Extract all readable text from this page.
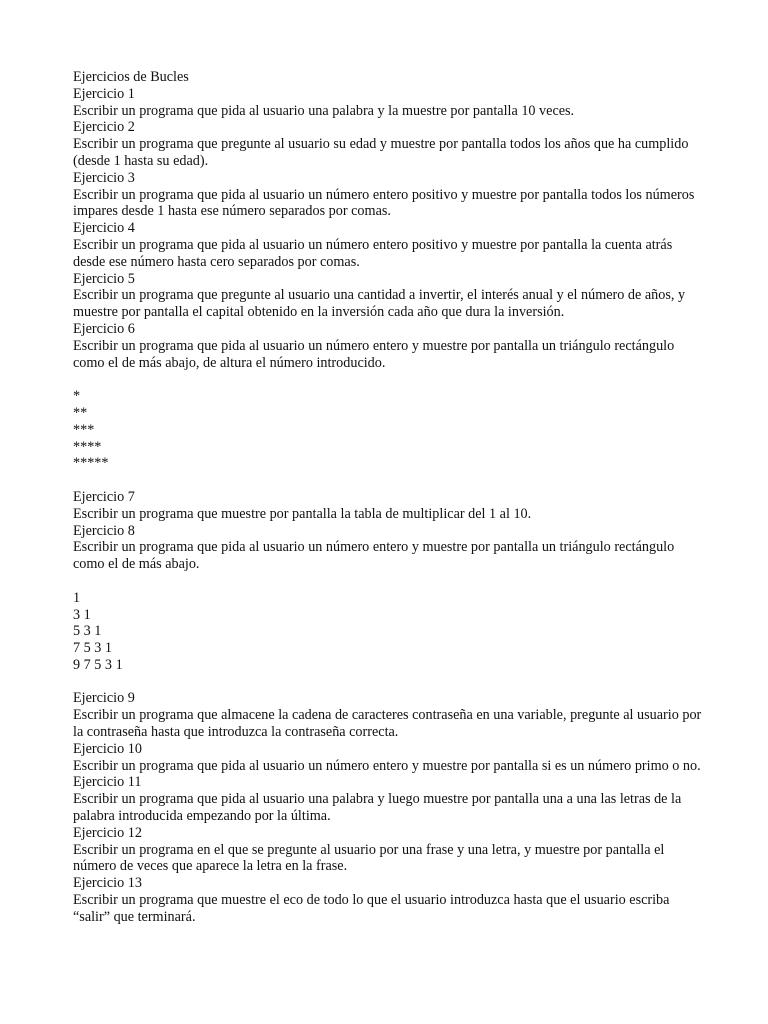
Ejercicios de Bucles
Ejercicio 1
Escribir un programa que pida al usuario una palabra y la muestre por pantalla 10 veces.
Ejercicio 2
Escribir un programa que pregunte al usuario su edad y muestre por pantalla todos los años que ha cumplido (desde 1 hasta su edad).
Ejercicio 3
Escribir un programa que pida al usuario un número entero positivo y muestre por pantalla todos los números impares desde 1 hasta ese número separados por comas.
Ejercicio 4
Escribir un programa que pida al usuario un número entero positivo y muestre por pantalla la cuenta atrás desde ese número hasta cero separados por comas.
Ejercicio 5
Escribir un programa que pregunte al usuario una cantidad a invertir, el interés anual y el número de años, y muestre por pantalla el capital obtenido en la inversión cada año que dura la inversión.
Ejercicio 6
Escribir un programa que pida al usuario un número entero y muestre por pantalla un triángulo rectángulo como el de más abajo, de altura el número introducido.
*
**
***
****
*****
Ejercicio 7
Escribir un programa que muestre por pantalla la tabla de multiplicar del 1 al 10.
Ejercicio 8
Escribir un programa que pida al usuario un número entero y muestre por pantalla un triángulo rectángulo como el de más abajo.
1
3 1
5 3 1
7 5 3 1
9 7 5 3 1
Ejercicio 9
Escribir un programa que almacene la cadena de caracteres contraseña en una variable, pregunte al usuario por la contraseña hasta que introduzca la contraseña correcta.
Ejercicio 10
Escribir un programa que pida al usuario un número entero y muestre por pantalla si es un número primo o no.
Ejercicio 11
Escribir un programa que pida al usuario una palabra y luego muestre por pantalla una a una las letras de la palabra introducida empezando por la última.
Ejercicio 12
Escribir un programa en el que se pregunte al usuario por una frase y una letra, y muestre por pantalla el número de veces que aparece la letra en la frase.
Ejercicio 13
Escribir un programa que muestre el eco de todo lo que el usuario introduzca hasta que el usuario escriba “salir” que terminará.
